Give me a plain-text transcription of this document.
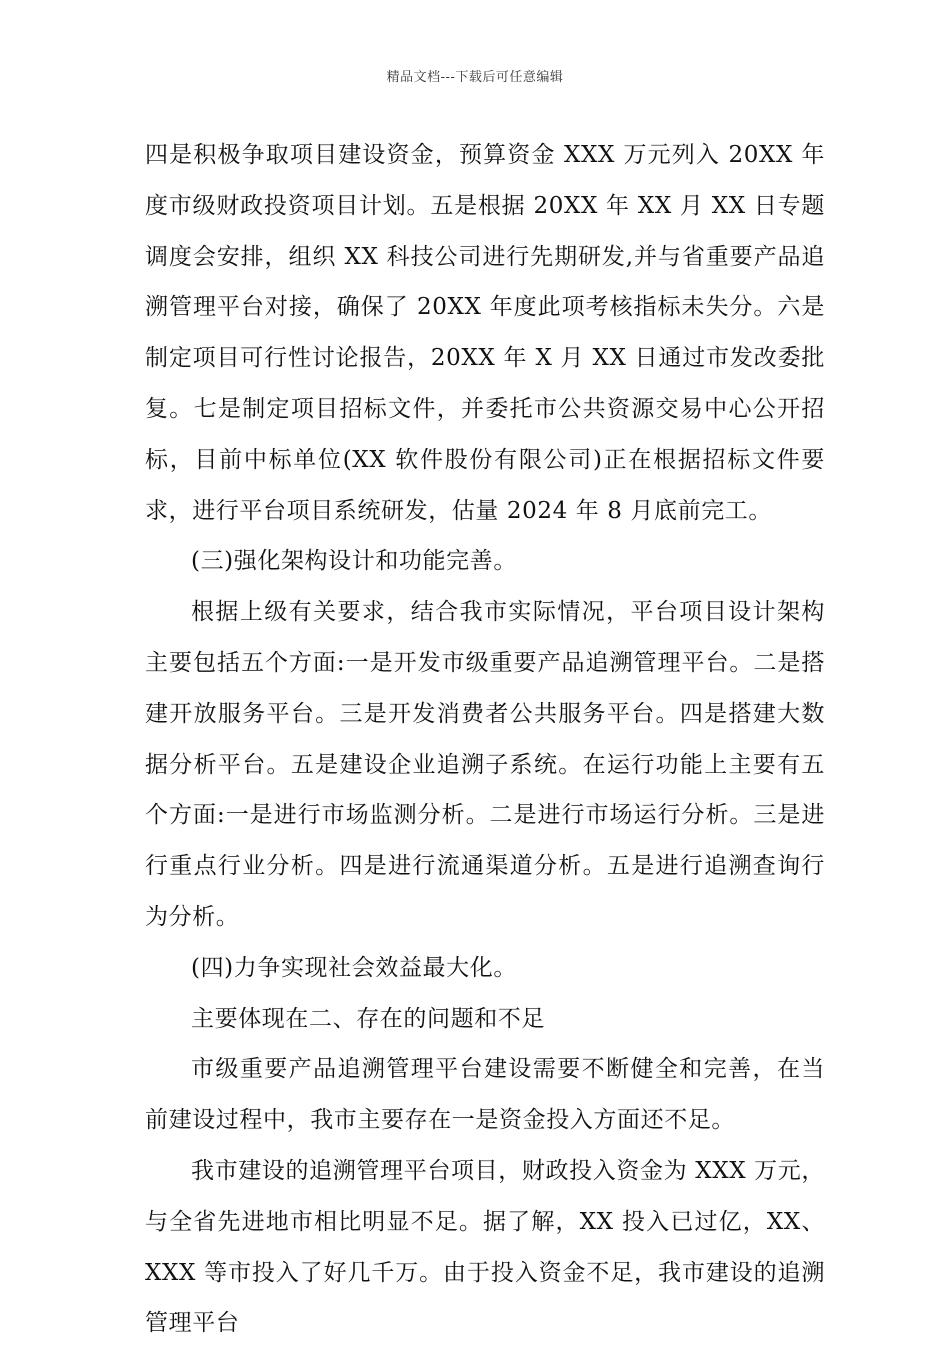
精品文档---下载后可任意编辑

四是积极争取项目建设资金，预算资金 XXX 万元列入 20XX 年度市级财政投资项目计划。五是根据 20XX 年 XX 月 XX 日专题调度会安排，组织 XX 科技公司进行先期研发,并与省重要产品追溯管理平台对接，确保了 20XX 年度此项考核指标未失分。六是制定项目可行性讨论报告，20XX 年 X 月 XX 日通过市发改委批复。七是制定项目招标文件，并委托市公共资源交易中心公开招标，目前中标单位(XX 软件股份有限公司)正在根据招标文件要求，进行平台项目系统研发，估量 2024 年 8 月底前完工。

(三)强化架构设计和功能完善。

根据上级有关要求，结合我市实际情况，平台项目设计架构主要包括五个方面:一是开发市级重要产品追溯管理平台。二是搭建开放服务平台。三是开发消费者公共服务平台。四是搭建大数据分析平台。五是建设企业追溯子系统。在运行功能上主要有五个方面:一是进行市场监测分析。二是进行市场运行分析。三是进行重点行业分析。四是进行流通渠道分析。五是进行追溯查询行为分析。

(四)力争实现社会效益最大化。

主要体现在二、存在的问题和不足

市级重要产品追溯管理平台建设需要不断健全和完善，在当前建设过程中，我市主要存在一是资金投入方面还不足。

我市建设的追溯管理平台项目，财政投入资金为 XXX 万元，与全省先进地市相比明显不足。据了解，XX 投入已过亿，XX、XXX 等市投入了好几千万。由于投入资金不足，我市建设的追溯管理平台
